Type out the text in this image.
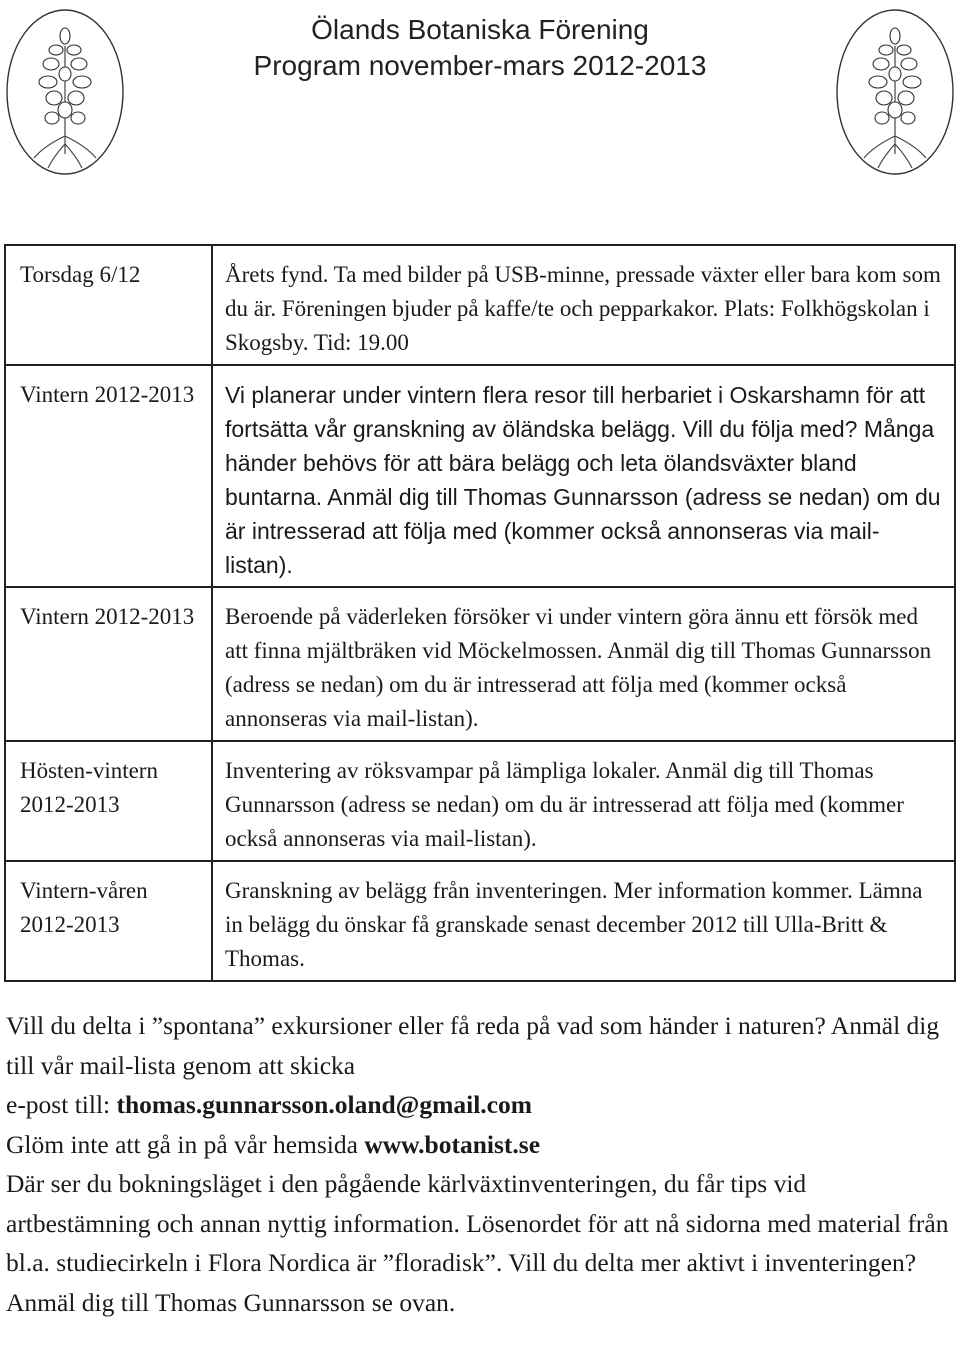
Ölands Botaniska Förening
Program november-mars 2012-2013
Torsdag 6/12	Årets fynd. Ta med bilder på USB-minne, pressade växter eller bara kom som du är. Föreningen bjuder på kaffe/te och pepparkakor. Plats: Folkhögskolan i Skogsby. Tid: 19.00
Vintern 2012-2013	Vi planerar under vintern flera resor till herbariet i Oskarshamn för att fortsätta vår granskning av öländska belägg. Vill du följa med? Många händer behövs för att bära belägg och leta ölandsväxter bland buntarna. Anmäl dig till Thomas Gunnarsson (adress se nedan) om du är intresserad att följa med (kommer också annonseras via mail-listan).
Vintern 2012-2013	Beroende på väderleken försöker vi under vintern göra ännu ett försök med att finna mjältbräken vid Möckelmossen. Anmäl dig till Thomas Gunnarsson (adress se nedan) om du är intresserad att följa med (kommer också annonseras via mail-listan).
Hösten-vintern 2012-2013	Inventering av röksvampar på lämpliga lokaler. Anmäl dig till Thomas Gunnarsson (adress se nedan) om du är intresserad att följa med (kommer också annonseras via mail-listan).
Vintern-våren 2012-2013	Granskning av belägg från inventeringen. Mer information kommer. Lämna in belägg du önskar få granskade senast december 2012 till Ulla-Britt & Thomas.

Vill du delta i ”spontana” exkursioner eller få reda på vad som händer i naturen? Anmäl dig till vår mail-lista genom att skicka

e-post till: thomas.gunnarsson.oland@gmail.com

Glöm inte att gå in på vår hemsida www.botanist.se

Där ser du bokningsläget i den pågående kärlväxtinventeringen, du får tips vid artbestämning och annan nyttig information. Lösenordet för att nå sidorna med material från bl.a. studiecirkeln i Flora Nordica är ”floradisk”. Vill du delta mer aktivt i inventeringen? Anmäl dig till Thomas Gunnarsson se ovan.
